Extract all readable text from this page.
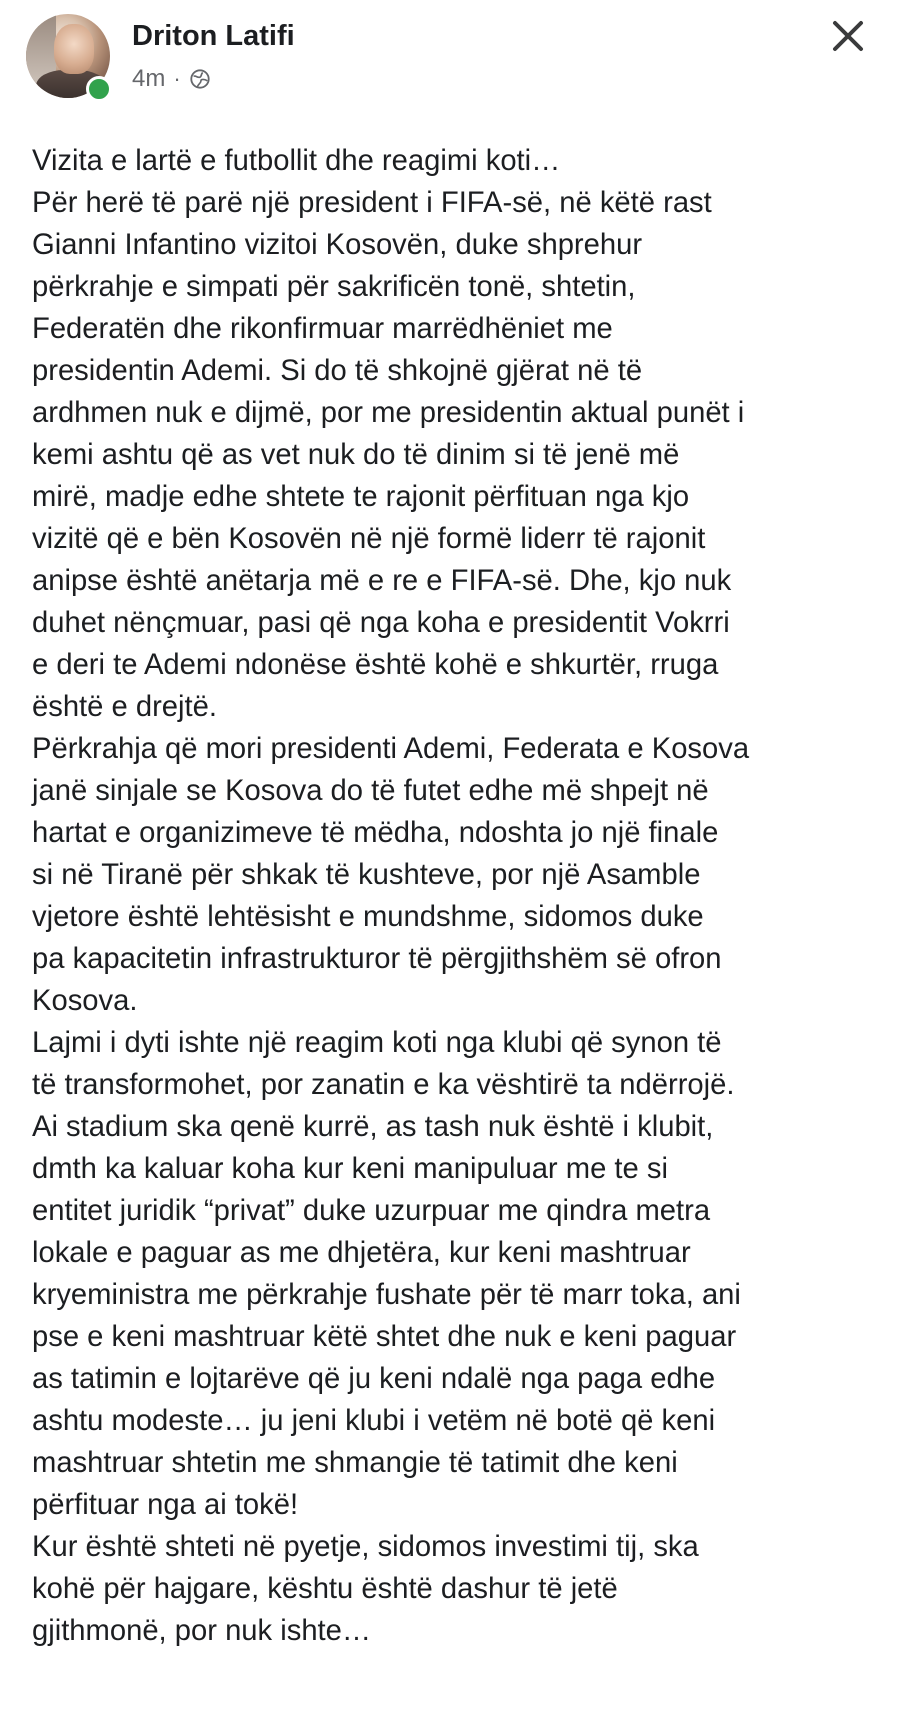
Driton Latifi
4m ·
Vizita e lartë e futbollit dhe reagimi koti…
Për herë të parë një president i FIFA-së, në këtë rast
Gianni Infantino vizitoi Kosovën, duke shprehur
përkrahje e simpati për sakrificën tonë, shtetin,
Federatën dhe rikonfirmuar marrëdhëniet me
presidentin Ademi. Si do të shkojnë gjërat në të
ardhmen nuk e dijmë, por me presidentin aktual punët i
kemi ashtu që as vet nuk do të dinim si të jenë më
mirë, madje edhe shtete te rajonit përfituan nga kjo
vizitë që e bën Kosovën në një formë liderr të rajonit
anipse është anëtarja më e re e FIFA-së. Dhe, kjo nuk
duhet nënçmuar, pasi që nga koha e presidentit Vokrri
e deri te Ademi ndonëse është kohë e shkurtër, rruga
është e drejtë.
Përkrahja që mori presidenti Ademi, Federata e Kosova
janë sinjale se Kosova do të futet edhe më shpejt në
hartat e organizimeve të mëdha, ndoshta jo një finale
si në Tiranë për shkak të kushteve, por një Asamble
vjetore është lehtësisht e mundshme, sidomos duke
pa kapacitetin infrastrukturor të përgjithshëm së ofron
Kosova.
Lajmi i dyti ishte një reagim koti nga klubi që synon të
të transformohet, por zanatin e ka vështirë ta ndërrojë.
Ai stadium ska qenë kurrë, as tash nuk është i klubit,
dmth ka kaluar koha kur keni manipuluar me te si
entitet juridik “privat” duke uzurpuar me qindra metra
lokale e paguar as me dhjetëra, kur keni mashtruar
kryeministra me përkrahje fushate për të marr toka, ani
pse e keni mashtruar këtë shtet dhe nuk e keni paguar
as tatimin e lojtarëve që ju keni ndalë nga paga edhe
ashtu modeste… ju jeni klubi i vetëm në botë që keni
mashtruar shtetin me shmangie të tatimit dhe keni
përfituar nga ai tokë!
Kur është shteti në pyetje, sidomos investimi tij, ska
kohë për hajgare, kështu është dashur të jetë
gjithmonë, por nuk ishte…
